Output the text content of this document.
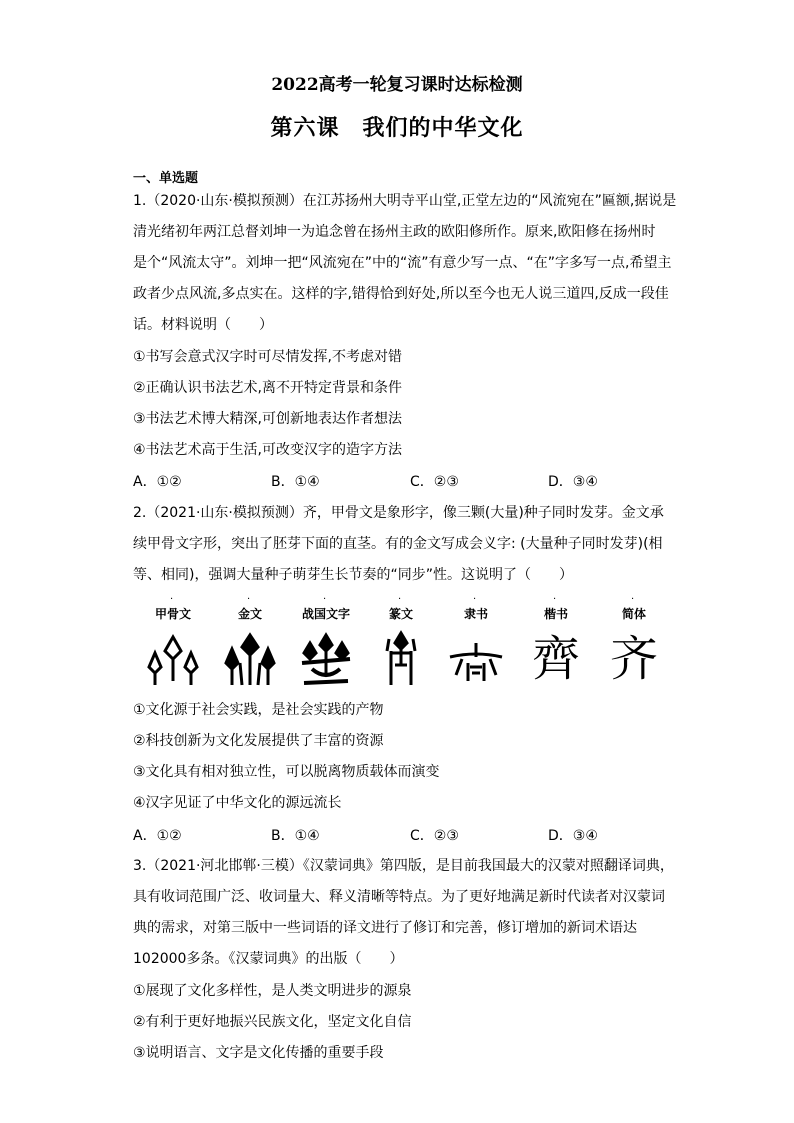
2022高考一轮复习课时达标检测
第六课　我们的中华文化
一、单选题
1.（2020·山东·模拟预测）在江苏扬州大明寺平山堂,正堂左边的“风流宛在”匾额,据说是
清光绪初年两江总督刘坤一为追念曾在扬州主政的欧阳修所作。原来,欧阳修在扬州时
是个“风流太守”。刘坤一把“风流宛在”中的“流”有意少写一点、“在”字多写一点,希望主
政者少点风流,多点实在。这样的字,错得恰到好处,所以至今也无人说三道四,反成一段佳
话。材料说明（　　）
①书写会意式汉字时可尽情发挥,不考虑对错
②正确认识书法艺术,离不开特定背景和条件
③书法艺术博大精深,可创新地表达作者想法
④书法艺术高于生活,可改变汉字的造字方法
A．①②	B．①④	C．②③	D．③④
2.（2021·山东·模拟预测）齐，甲骨文是象形字，像三颗(大量)种子同时发芽。金文承
续甲骨文字形，突出了胚芽下面的直茎。有的金文写成会义字: (大量种子同时发芽)(相
等、相同)，强调大量种子萌芽生长节奏的“同步”性。这说明了（　　）
·
甲骨文
·
金文
·
战国文字
·
篆文
·
隶书
·
楷书
齊
·
简体
齐
①文化源于社会实践，是社会实践的产物
②科技创新为文化发展提供了丰富的资源
③文化具有相对独立性，可以脱离物质载体而演变
④汉字见证了中华文化的源远流长
A．①②	B．①④	C．②③	D．③④
3.（2021·河北邯郸·三模）《汉蒙词典》第四版，是目前我国最大的汉蒙对照翻译词典，
具有收词范围广泛、收词量大、释义清晰等特点。为了更好地满足新时代读者对汉蒙词
典的需求，对第三版中一些词语的译文进行了修订和完善，修订增加的新词术语达
102000多条。《汉蒙词典》的出版（　　）
①展现了文化多样性，是人类文明进步的源泉
②有利于更好地振兴民族文化，坚定文化自信
③说明语言、文字是文化传播的重要手段
